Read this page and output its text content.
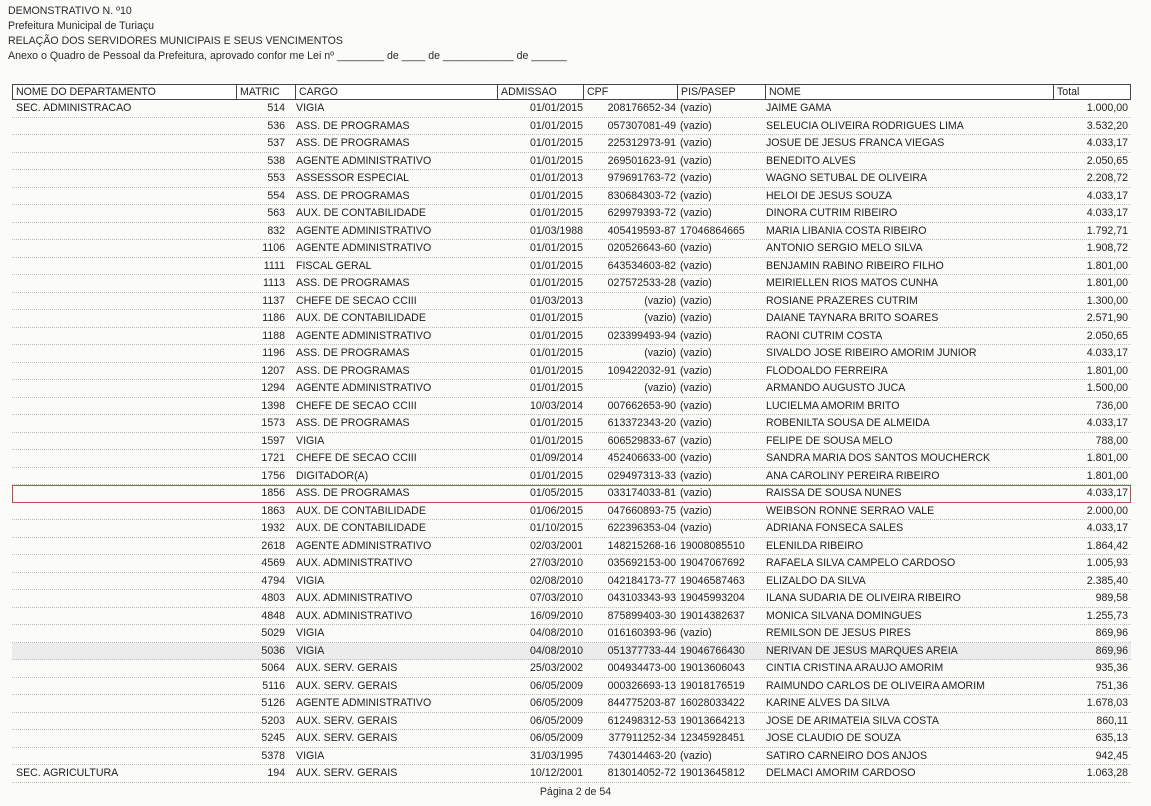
DEMONSTRATIVO N. º10
Prefeitura Municipal de Turiaçu
RELAÇÃO DOS SERVIDORES MUNICIPAIS E SEUS VENCIMENTOS
Anexo o Quadro de Pessoal da Prefeitura, aprovado confor me Lei nº ________ de ____ de ____________ de ______
NOME DO DEPARTAMENTO	MATRIC	CARGO	ADMISSAO	CPF	PIS/PASEP	NOME	Total
SEC. ADMINISTRACAO	514 VIGIA	01/01/2015	208176652-34 (vazio)	JAIME GAMA	1.000,00
536 ASS. DE PROGRAMAS	01/01/2015	057307081-49 (vazio)	SELEUCIA OLIVEIRA RODRIGUES LIMA	3.532,20
537 ASS. DE PROGRAMAS	01/01/2015	225312973-91 (vazio)	JOSUE DE JESUS FRANCA VIEGAS	4.033,17
538 AGENTE ADMINISTRATIVO	01/01/2015	269501623-91 (vazio)	BENEDITO ALVES	2.050,65
553 ASSESSOR ESPECIAL	01/01/2013	979691763-72 (vazio)	WAGNO SETUBAL DE OLIVEIRA	2.208,72
554 ASS. DE PROGRAMAS	01/01/2015	830684303-72 (vazio)	HELOI DE JESUS SOUZA	4.033,17
563 AUX. DE CONTABILIDADE	01/01/2015	629979393-72 (vazio)	DINORA CUTRIM RIBEIRO	4.033,17
832 AGENTE ADMINISTRATIVO	01/03/1988	405419593-87 17046864665	MARIA LIBANIA COSTA RIBEIRO	1.792,71
1106 AGENTE ADMINISTRATIVO	01/01/2015	020526643-60 (vazio)	ANTONIO SERGIO MELO SILVA	1.908,72
1111 FISCAL GERAL	01/01/2015	643534603-82 (vazio)	BENJAMIN RABINO RIBEIRO FILHO	1.801,00
1113 ASS. DE PROGRAMAS	01/01/2015	027572533-28 (vazio)	MEIRIELLEN RIOS MATOS CUNHA	1.801,00
1137 CHEFE DE SECAO CCIII	01/03/2013	(vazio) (vazio)	ROSIANE PRAZERES CUTRIM	1.300,00
1186 AUX. DE CONTABILIDADE	01/01/2015	(vazio) (vazio)	DAIANE TAYNARA BRITO SOARES	2.571,90
1188 AGENTE ADMINISTRATIVO	01/01/2015	023399493-94 (vazio)	RAONI CUTRIM COSTA	2.050,65
1196 ASS. DE PROGRAMAS	01/01/2015	(vazio) (vazio)	SIVALDO JOSE RIBEIRO AMORIM JUNIOR	4.033,17
1207 ASS. DE PROGRAMAS	01/01/2015	109422032-91 (vazio)	FLODOALDO FERREIRA	1.801,00
1294 AGENTE ADMINISTRATIVO	01/01/2015	(vazio) (vazio)	ARMANDO AUGUSTO JUCA	1.500,00
1398 CHEFE DE SECAO CCIII	10/03/2014	007662653-90 (vazio)	LUCIELMA AMORIM BRITO	736,00
1573 ASS. DE PROGRAMAS	01/01/2015	613372343-20 (vazio)	ROBENILTA SOUSA DE ALMEIDA	4.033,17
1597 VIGIA	01/01/2015	606529833-67 (vazio)	FELIPE DE SOUSA MELO	788,00
1721 CHEFE DE SECAO CCIII	01/09/2014	452406633-00 (vazio)	SANDRA MARIA DOS SANTOS MOUCHERCK	1.801,00
1756 DIGITADOR(A)	01/01/2015	029497313-33 (vazio)	ANA CAROLINY PEREIRA RIBEIRO	1.801,00
1856 ASS. DE PROGRAMAS	01/05/2015	033174033-81 (vazio)	RAISSA DE SOUSA NUNES	4.033,17
1863 AUX. DE CONTABILIDADE	01/06/2015	047660893-75 (vazio)	WEIBSON RONNE SERRAO VALE	2.000,00
1932 AUX. DE CONTABILIDADE	01/10/2015	622396353-04 (vazio)	ADRIANA FONSECA SALES	4.033,17
2618 AGENTE ADMINISTRATIVO	02/03/2001	148215268-16 19008085510	ELENILDA RIBEIRO	1.864,42
4569 AUX. ADMINISTRATIVO	27/03/2010	035692153-00 19047067692	RAFAELA SILVA CAMPELO CARDOSO	1.005,93
4794 VIGIA	02/08/2010	042184173-77 19046587463	ELIZALDO DA SILVA	2.385,40
4803 AUX. ADMINISTRATIVO	07/03/2010	043103343-93 19045993204	ILANA SUDARIA DE OLIVEIRA RIBEIRO	989,58
4848 AUX. ADMINISTRATIVO	16/09/2010	875899403-30 19014382637	MONICA SILVANA DOMINGUES	1.255,73
5029 VIGIA	04/08/2010	016160393-96 (vazio)	REMILSON DE JESUS PIRES	869,96
5036 VIGIA	04/08/2010	051377733-44 19046766430	NERIVAN DE JESUS MARQUES AREIA	869,96
5064 AUX. SERV. GERAIS	25/03/2002	004934473-00 19013606043	CINTIA CRISTINA ARAUJO AMORIM	935,36
5116 AUX. SERV. GERAIS	06/05/2009	000326693-13 19018176519	RAIMUNDO CARLOS DE OLIVEIRA AMORIM	751,36
5126 AGENTE ADMINISTRATIVO	06/05/2009	844775203-87 16028033422	KARINE ALVES DA SILVA	1.678,03
5203 AUX. SERV. GERAIS	06/05/2009	612498312-53 19013664213	JOSE DE ARIMATEIA SILVA COSTA	860,11
5245 AUX. SERV. GERAIS	06/05/2009	377911252-34 12345928451	JOSE CLAUDIO DE SOUZA	635,13
5378 VIGIA	31/03/1995	743014463-20 (vazio)	SATIRO CARNEIRO DOS ANJOS	942,45
SEC. AGRICULTURA	194 AUX. SERV. GERAIS	10/12/2001	813014052-72 19013645812	DELMACI AMORIM CARDOSO	1.063,28
Página 2 de 54
